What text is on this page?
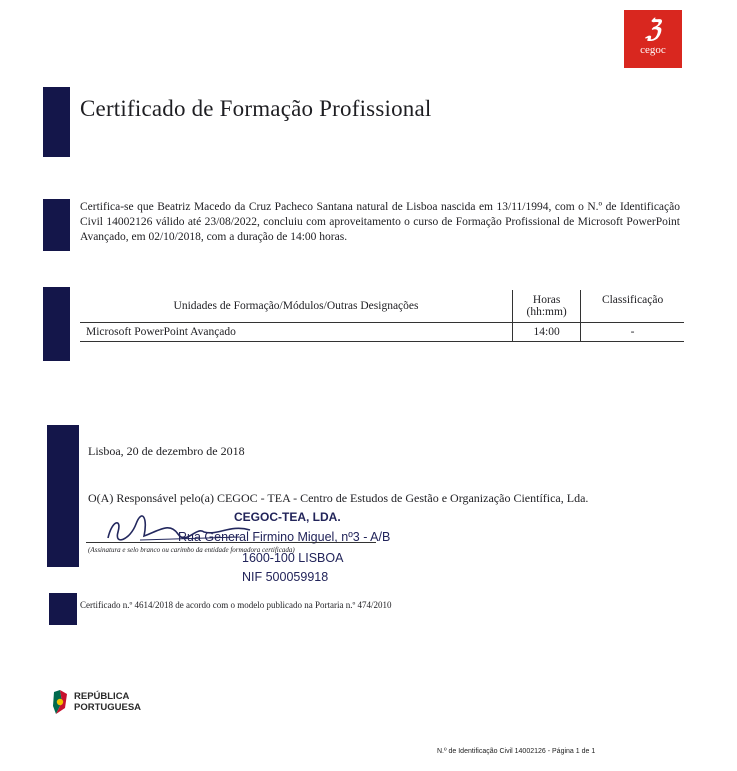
ℨ
cegoc
Certificado de Formação Profissional
Certifica-se que Beatriz Macedo da Cruz Pacheco Santana natural de Lisboa nascida em 13/11/1994, com o N.º de Identificação Civil 14002126 válido até 23/08/2022, concluiu com aproveitamento o curso de Formação Profissional de Microsoft PowerPoint Avançado, em 02/10/2018, com a duração de 14:00 horas.
Unidades de Formação/Módulos/Outras Designações	Horas (hh:mm)	Classificação
Microsoft PowerPoint Avançado	14:00	-
Lisboa, 20 de dezembro de 2018
O(A) Responsável pelo(a) CEGOC - TEA - Centro de Estudos de Gestão e Organização Científica, Lda.
CEGOC-TEA, LDA.
Rua General Firmino Miguel, nº3 - A/B
1600-100 LISBOA
NIF 500059918
(Assinatura e selo branco ou carimbo da entidade formadora certificada)
Certificado n.º 4614/2018 de acordo com o modelo publicado na Portaria n.º 474/2010
REPÚBLICA
PORTUGUESA
N.º de Identificação Civil 14002126 - Página 1 de 1
